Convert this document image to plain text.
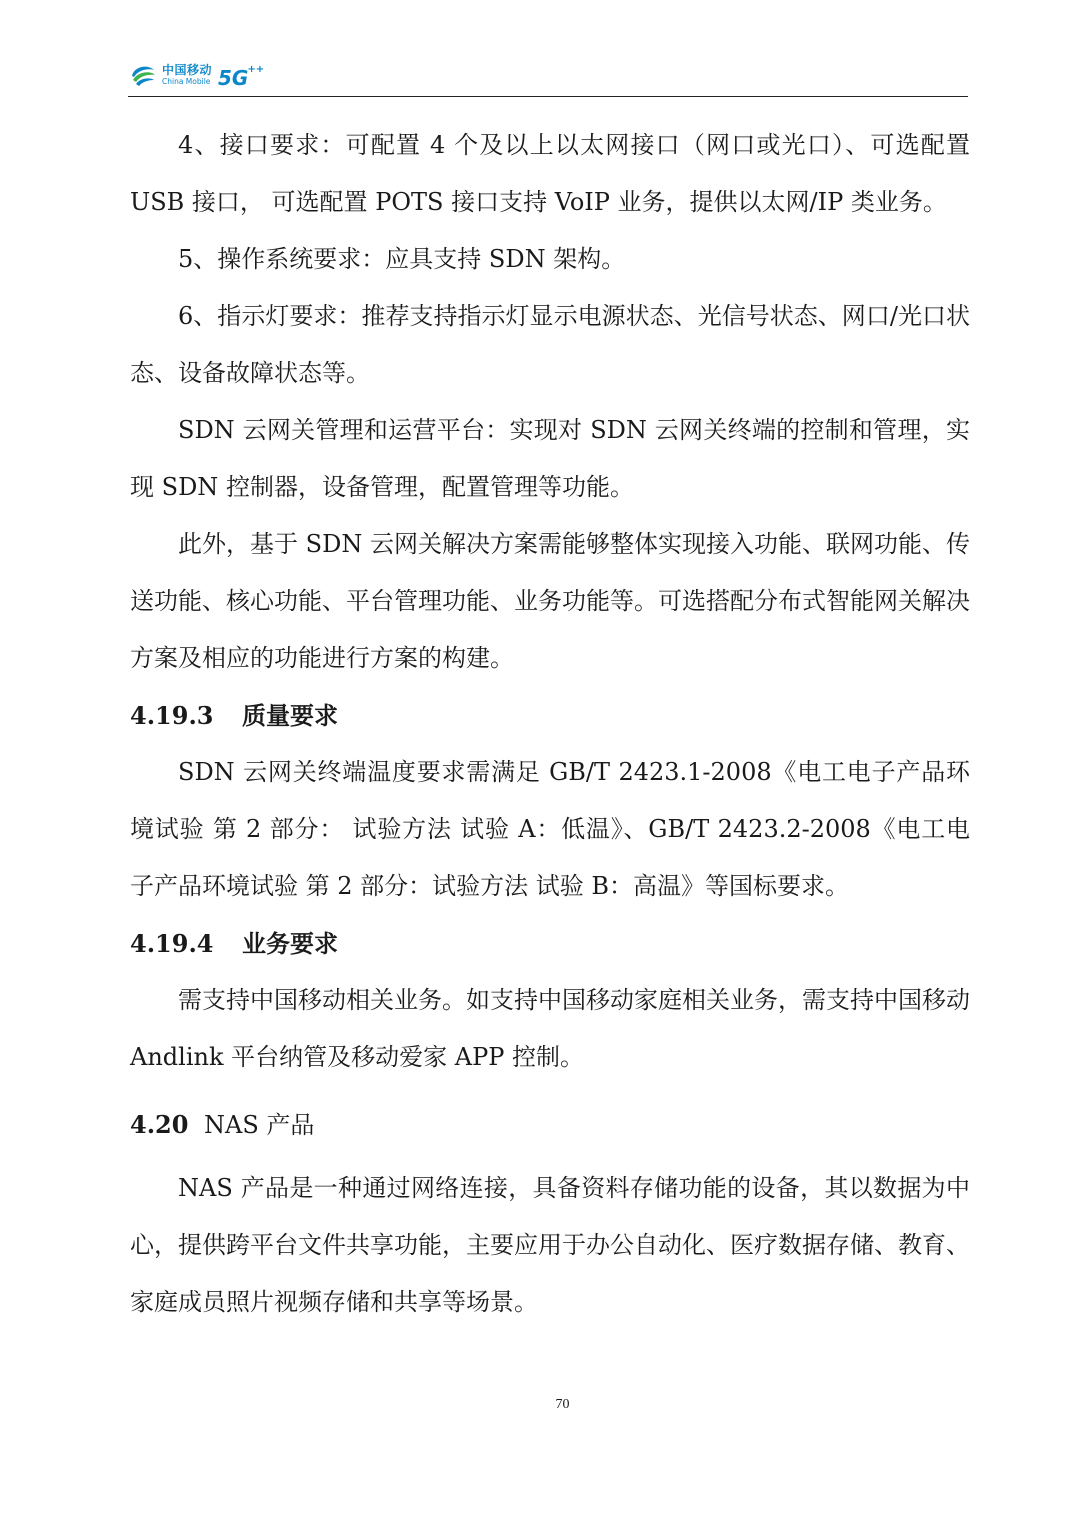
中国移动
China Mobile 5G ++

4、接口要求：可配置 4 个及以上以太网接口（网口或光口）、可选配置 USB 接口， 可选配置 POTS 接口支持 VoIP 业务，提供以太网/IP 类业务。

5、操作系统要求：应具支持 SDN 架构。

6、指示灯要求：推荐支持指示灯显示电源状态、光信号状态、网口/光口状态、设备故障状态等。

SDN 云网关管理和运营平台：实现对 SDN 云网关终端的控制和管理，实现 SDN 控制器，设备管理，配置管理等功能。

此外，基于 SDN 云网关解决方案需能够整体实现接入功能、联网功能、传送功能、核心功能、平台管理功能、业务功能等。可选搭配分布式智能网关解决方案及相应的功能进行方案的构建。

4.19.3 质量要求

SDN 云网关终端温度要求需满足 GB/T 2423.1-2008《电工电子产品环境试验 第 2 部分： 试验方法 试验 A：低温》、GB/T 2423.2-2008《电工电子产品环境试验 第 2 部分：试验方法 试验 B：高温》等国标要求。

4.19.4 业务要求

需支持中国移动相关业务。如支持中国移动家庭相关业务，需支持中国移动 Andlink 平台纳管及移动爱家 APP 控制。

4.20 NAS 产品

NAS 产品是一种通过网络连接，具备资料存储功能的设备，其以数据为中心，提供跨平台文件共享功能，主要应用于办公自动化、医疗数据存储、教育、家庭成员照片视频存储和共享等场景。

70
